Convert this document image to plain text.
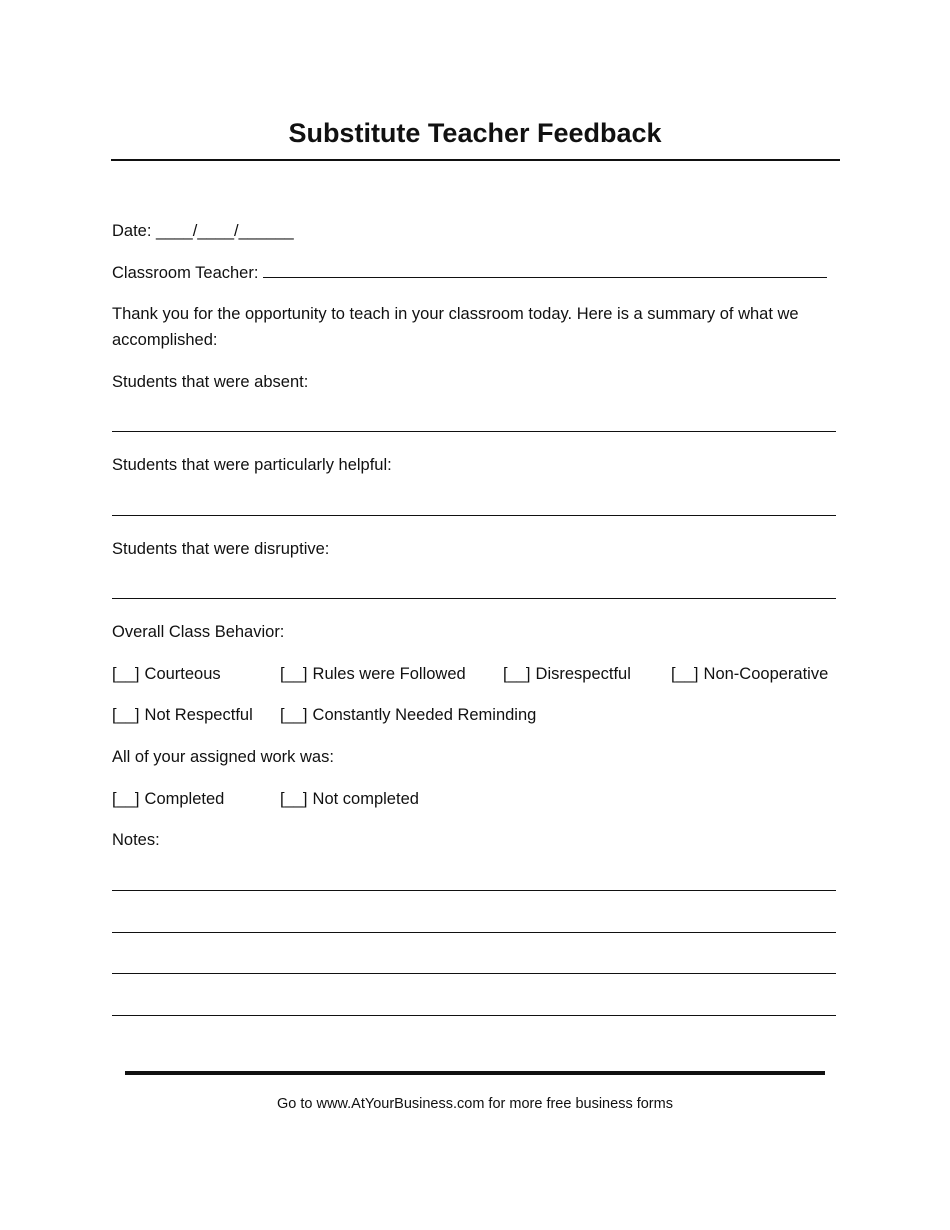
Substitute Teacher Feedback
Date: ____/____/______
Classroom Teacher:
Thank you for the opportunity to teach in your classroom today. Here is a summary of what we accomplished:
Students that were absent:
Students that were particularly helpful:
Students that were disruptive:
Overall Class Behavior:
[__] Courteous	[__] Rules were Followed [__] Disrespectful [__] Non-Cooperative
[__] Not Respectful [__] Constantly Needed Reminding
All of your assigned work was:
[__] Completed	[__] Not completed
Notes:
Go to www.AtYourBusiness.com for more free business forms
